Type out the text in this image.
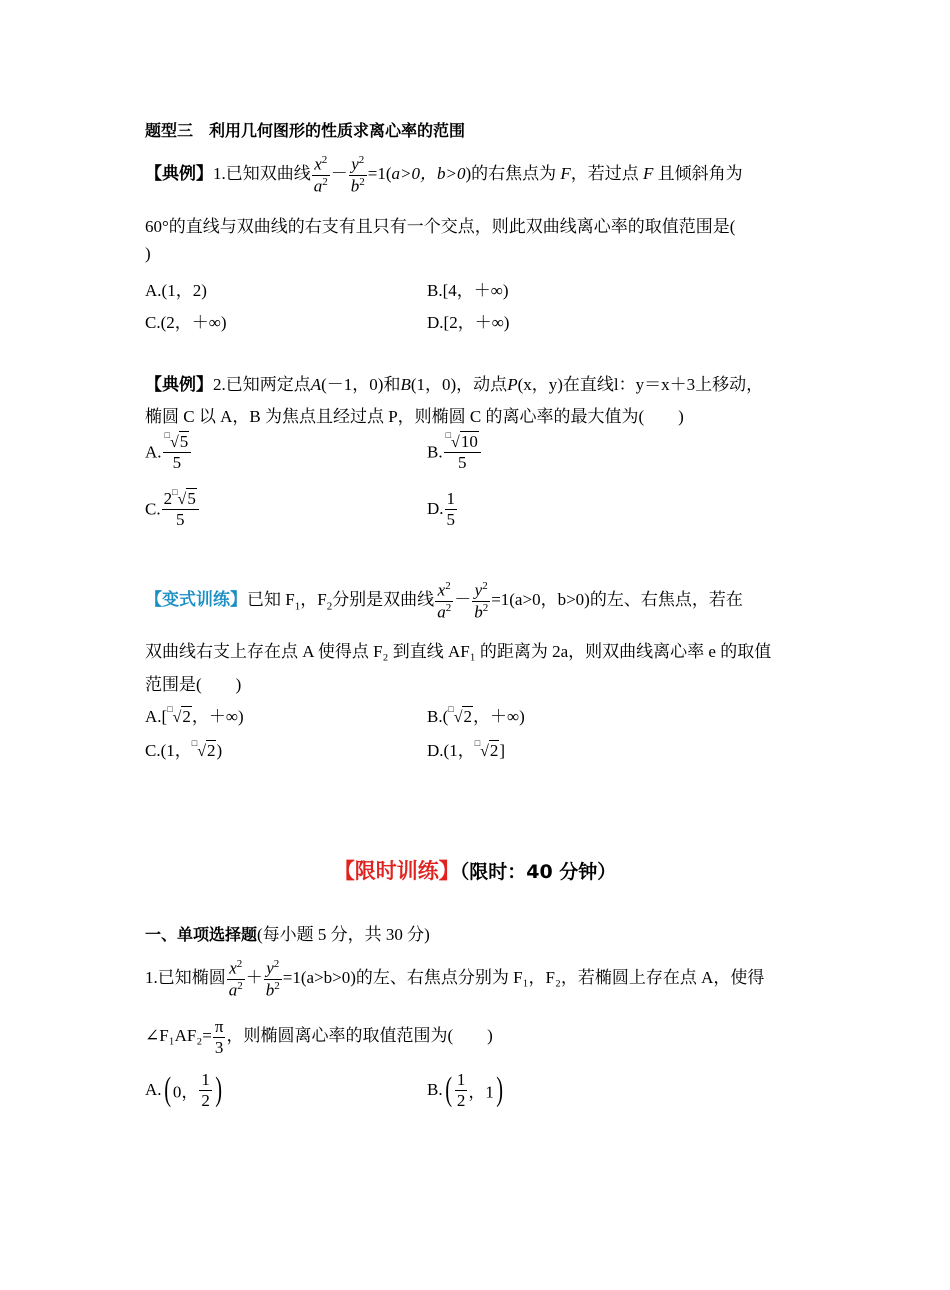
题型三　利用几何图形的性质求离心率的范围
【典例】1.已知双曲线 $\frac{x^2}{a^2} - \frac{y^2}{b^2} =1(a>0$，b>0)的右焦点为 F，若过点 F 且倾斜角为
60°的直线与双曲线的右支有且只有一个交点，则此双曲线离心率的取值范围是(
)
A.(1，2)	B.[4，＋∞)
C.(2，＋∞)	D.[2，＋∞)
【典例】2.已知两定点A(－1，0)和B(1，0)，动点P(x，y)在直线l：y＝x＋3上移动，
椭圆 C 以 A，B 为焦点且经过点 P，则椭圆 C 的离心率的最大值为(　　)
A. $\frac{^□√5}{5}$	B. $\frac{^□√10}{5}$
C. $\frac{2^□√5}{5}$	D. $\frac{1}{5}$
【变式训练】已知 $F_1$，$F_2$分别是双曲线 $\frac{x^2}{a^2} - \frac{y^2}{b^2} =1(a>0$，b>0)的左、右焦点，若在
双曲线右支上存在点 A 使得点 F₂ 到直线 AF₁ 的距离为 2a，则双曲线离心率 e 的取值
范围是(　　)
A.[□√2，＋∞)	B.(□√2，＋∞)
C.(1，□√2)	D.(1，□√2]
【限时训练】（限时：40 分钟）
一、单项选择题(每小题 5 分，共 30 分)
1.已知椭圆 $\frac{x^2}{a^2} + \frac{y^2}{b^2} =1(a>b>0)$的左、右焦点分别为 F₁，F₂，若椭圆上存在点 A，使得
∠F₁AF₂= $\frac{\pi}{3}$ ，则椭圆离心率的取值范围为(　　)
A.( 0， $\frac{1}{2}$ )	$B.( \frac{1}{2}$ ，1)
